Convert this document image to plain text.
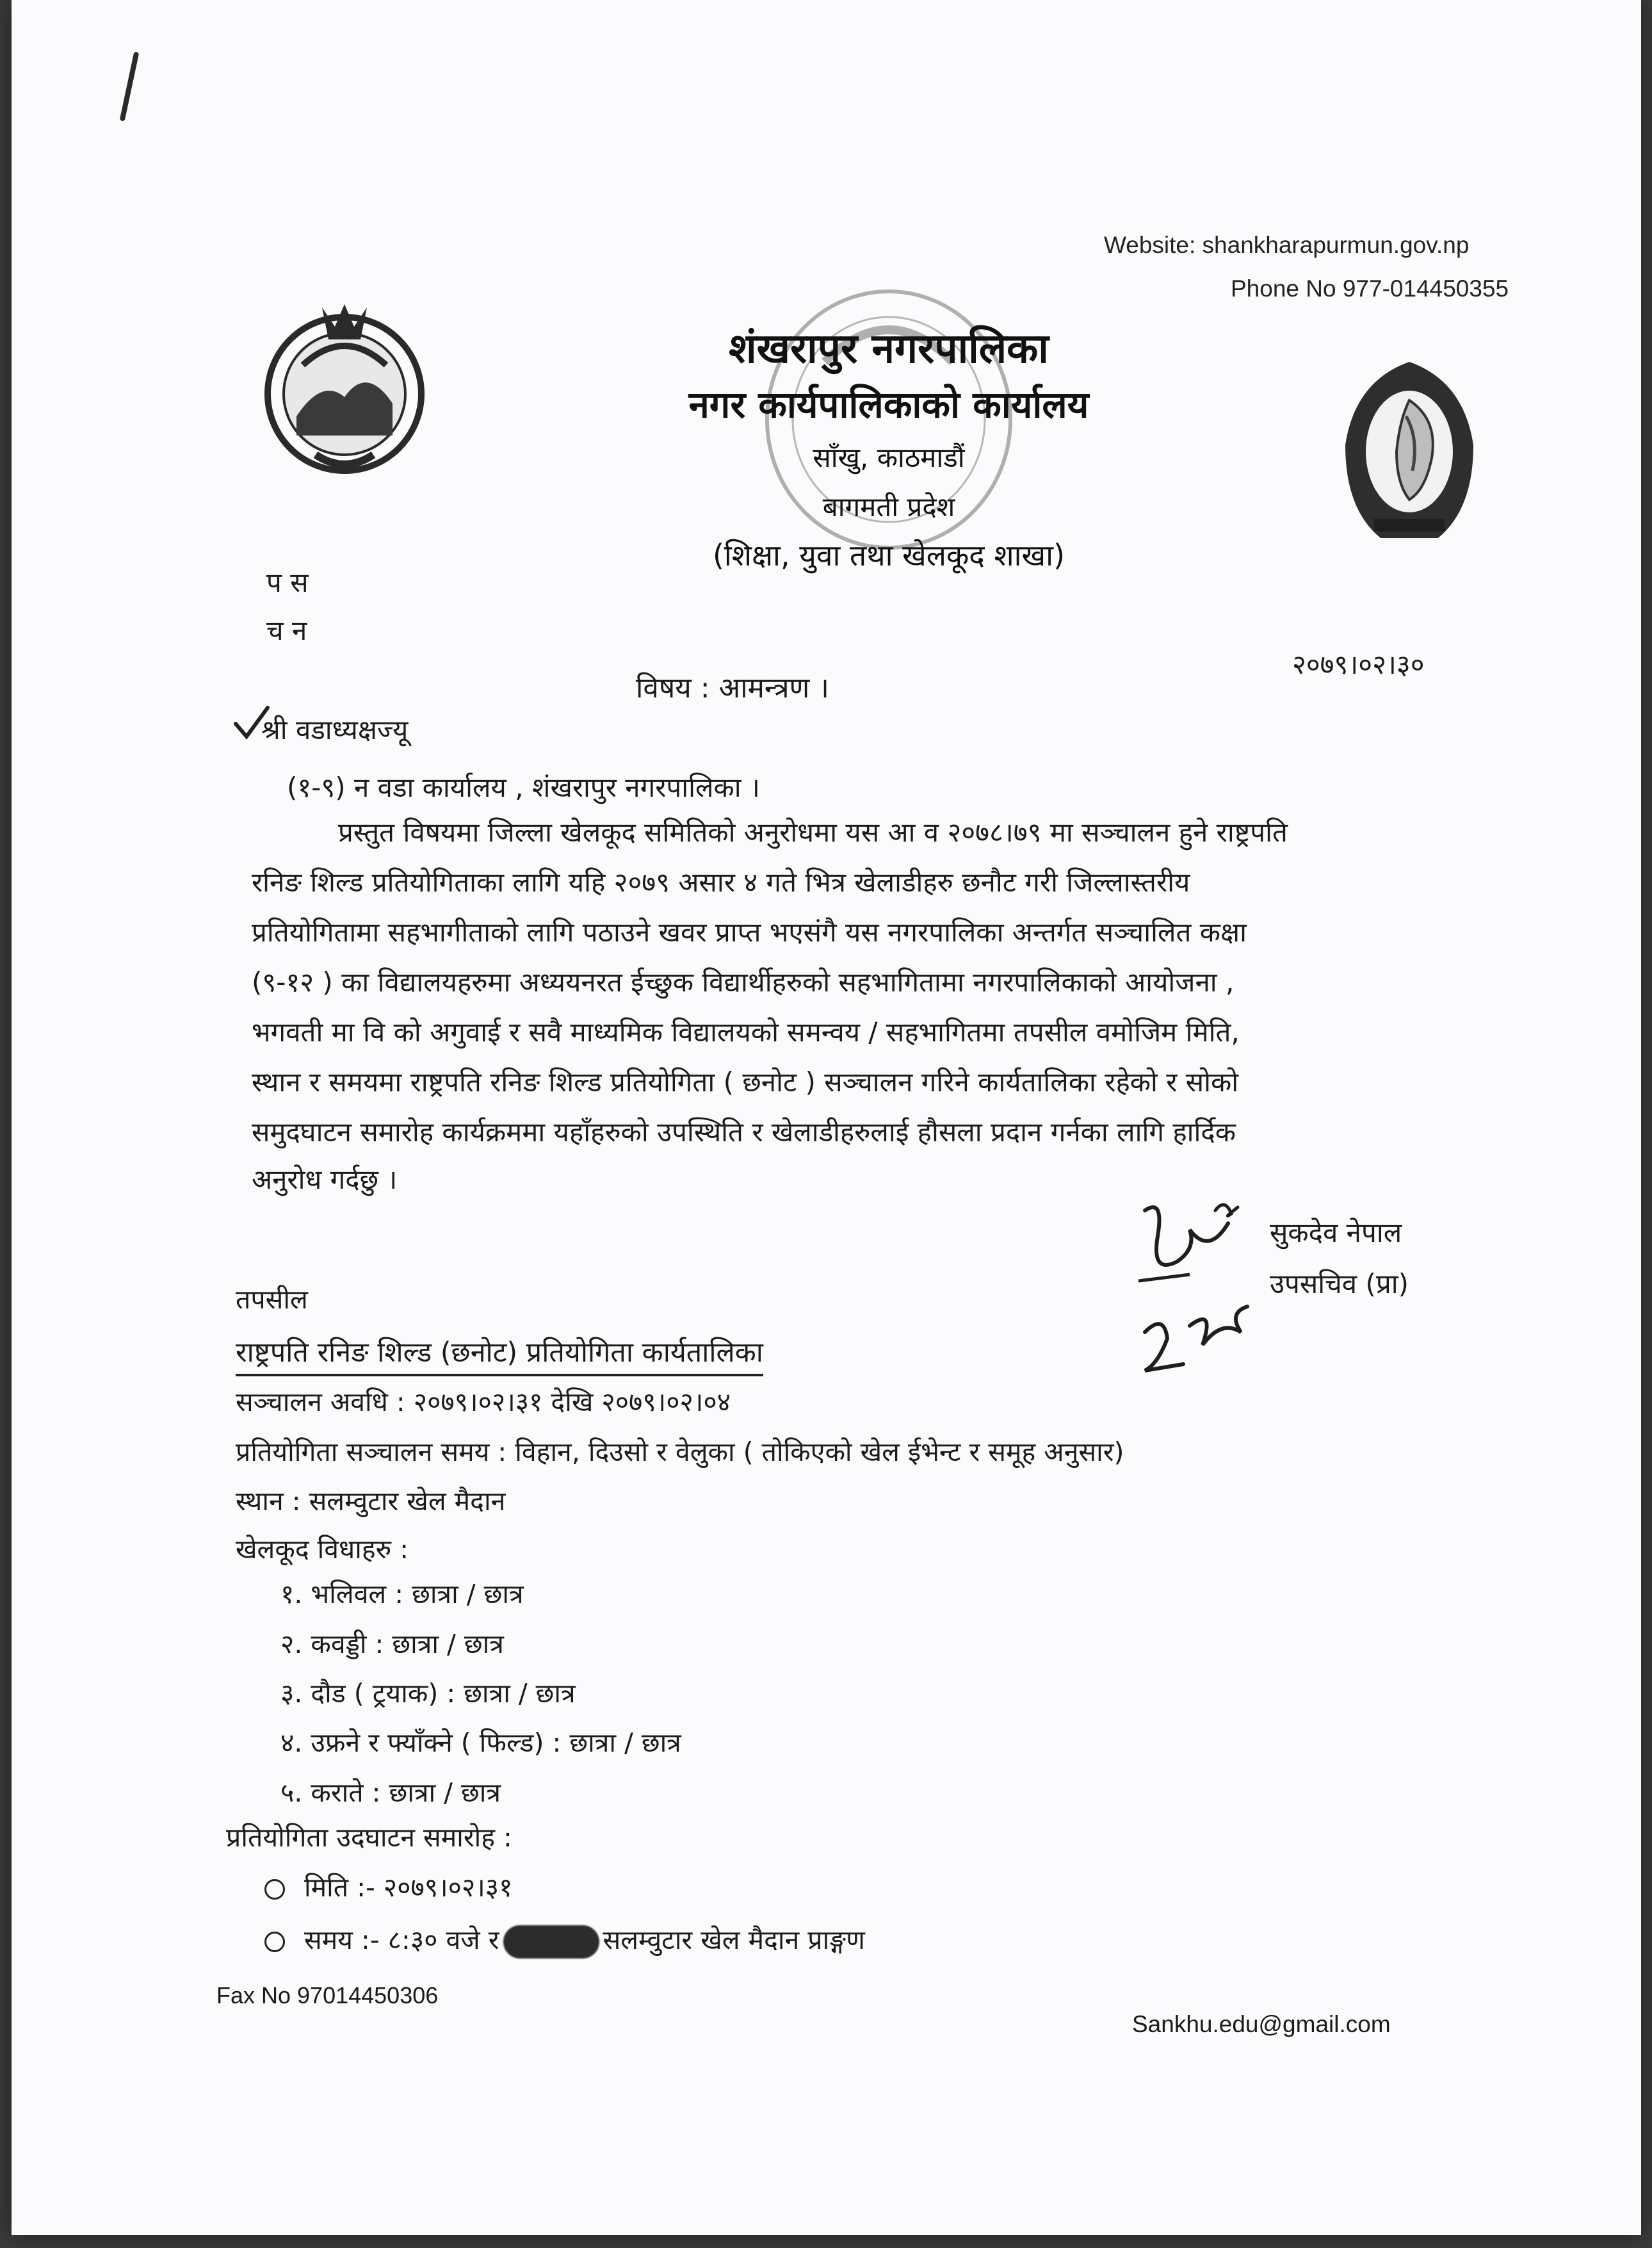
Website: shankharapurmun.gov.np
Phone No 977-014450355
शंखरापुर नगरपालिका
नगर कार्यपालिकाको कार्यालय
साँखु, काठमाडौं
बागमती प्रदेश
(शिक्षा, युवा तथा खेलकूद शाखा)
प स
च न
२०७९।०२।३०
विषय : आमन्त्रण ।
श्री वडाध्यक्षज्यू
(१-९) न वडा कार्यालय , शंखरापुर नगरपालिका ।
प्रस्तुत विषयमा जिल्ला खेलकूद समितिको अनुरोधमा यस आ व २०७८।७९ मा सञ्चालन हुने राष्ट्रपति
रनिङ शिल्ड प्रतियोगिताका लागि यहि २०७९ असार ४ गते भित्र खेलाडीहरु छनौट गरी जिल्लास्तरीय
प्रतियोगितामा सहभागीताको लागि पठाउने खवर प्राप्त भएसंगै यस नगरपालिका अन्तर्गत सञ्चालित कक्षा
(९-१२ ) का विद्यालयहरुमा अध्ययनरत ईच्छुक विद्यार्थीहरुको सहभागितामा नगरपालिकाको आयोजना ,
भगवती मा वि को अगुवाई र सवै माध्यमिक विद्यालयको समन्वय / सहभागितमा तपसील वमोजिम मिति,
स्थान र समयमा राष्ट्रपति रनिङ शिल्ड प्रतियोगिता ( छनोट ) सञ्चालन गरिने कार्यतालिका रहेको र सोको
समुदघाटन समारोह कार्यक्रममा यहाँहरुको उपस्थिति र खेलाडीहरुलाई हौसला प्रदान गर्नका लागि हार्दिक
अनुरोध गर्दछु ।
सुकदेव नेपाल
उपसचिव (प्रा)
तपसील
राष्ट्रपति रनिङ शिल्ड (छनोट) प्रतियोगिता कार्यतालिका
सञ्चालन अवधि : २०७९।०२।३१ देखि २०७९।०२।०४
प्रतियोगिता सञ्चालन समय : विहान, दिउसो र वेलुका ( तोकिएको खेल ईभेन्ट र समूह अनुसार)
स्थान : सलम्वुटार खेल मैदान
खेलकूद विधाहरु :
१. भलिवल : छात्रा / छात्र
२. कवड्डी : छात्रा / छात्र
३. दौड ( ट्रयाक) : छात्रा / छात्र
४. उफ्रने र फ्याँक्ने ( फिल्ड) : छात्रा / छात्र
५. कराते : छात्रा / छात्र
प्रतियोगिता उदघाटन समारोह :
मिति :- २०७९।०२।३१
समय :- ८:३० वजे र	सलम्वुटार खेल मैदान प्राङ्गण
Fax No 97014450306
Sankhu.edu@gmail.com
